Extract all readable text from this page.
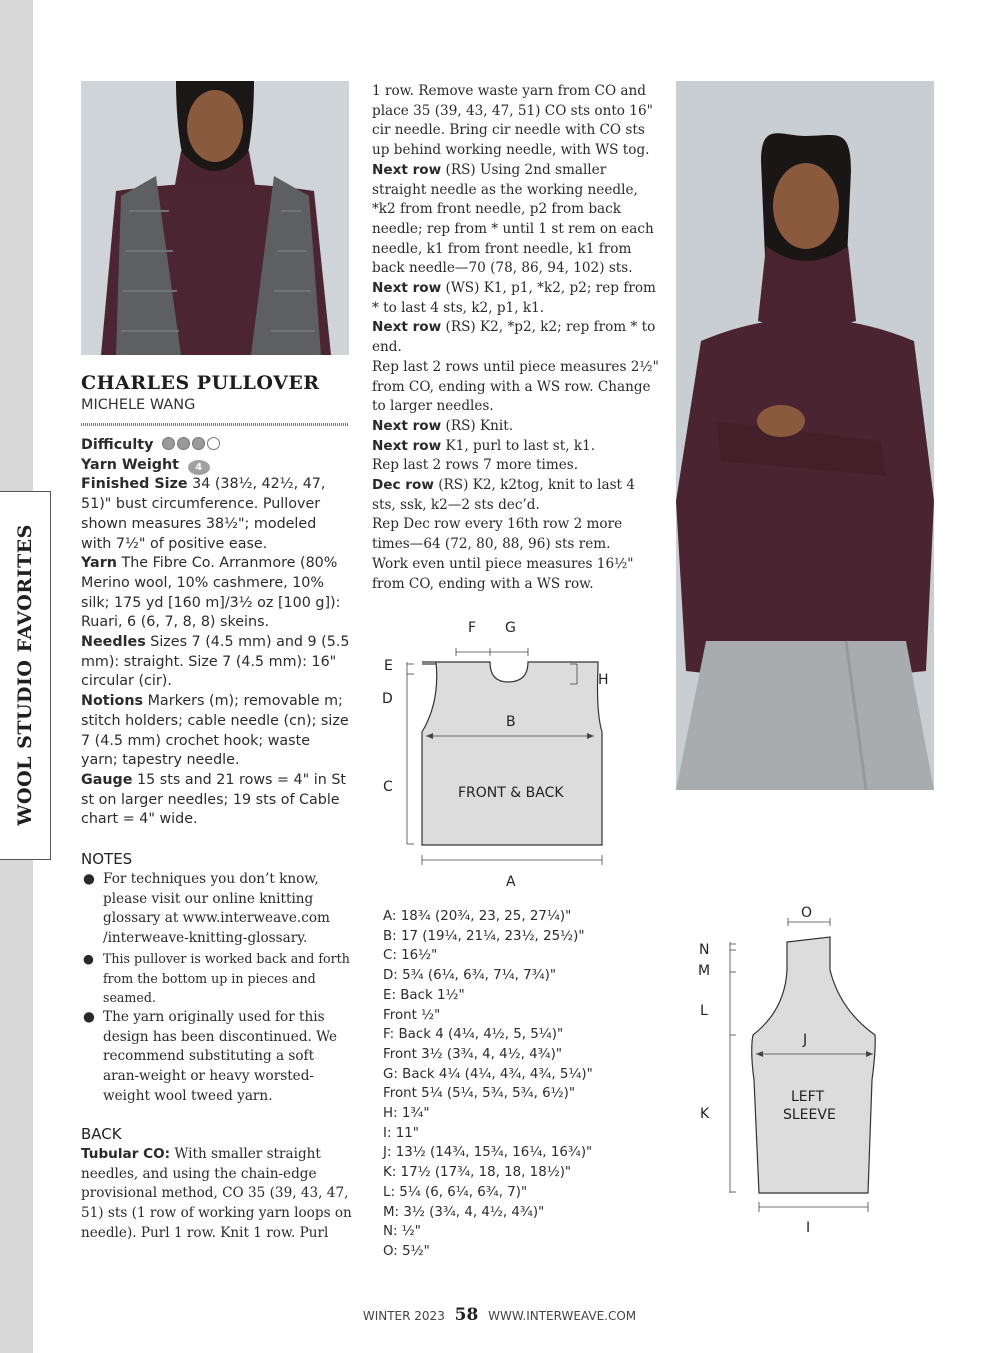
WOOL STUDIO FAVORITES
CHARLES PULLOVER
MICHELE WANG

Difficulty

Yarn Weight 4

Finished Size 34 (38½, 42½, 47, 51)" bust circumference. Pullover shown measures 38½"; modeled with 7½" of positive ease.

Yarn The Fibre Co. Arranmore (80% Merino wool, 10% cashmere, 10% silk; 175 yd [160 m]/3½ oz [100 g]): Ruari, 6 (6, 7, 8, 8) skeins.

Needles Sizes 7 (4.5 mm) and 9 (5.5 mm): straight. Size 7 (4.5 mm): 16" circular (cir).

Notions Markers (m); removable m; stitch holders; cable needle (cn); size 7 (4.5 mm) crochet hook; waste yarn; tapestry needle.

Gauge 15 sts and 21 rows = 4" in St st on larger needles; 19 sts of Cable chart = 4" wide.

NOTES

● For techniques you don’t know, please visit our online knitting glossary at www.interweave.com /interweave-knitting-glossary.

● This pullover is worked back and forth from the bottom up in pieces and seamed.

● The yarn originally used for this design has been discontinued. We recommend substituting a soft aran-weight or heavy worsted-weight wool tweed yarn.

BACK

Tubular CO: With smaller straight needles, and using the chain-edge provisional method, CO 35 (39, 43, 47, 51) sts (1 row of working yarn loops on needle). Purl 1 row. Knit 1 row. Purl

1 row. Remove waste yarn from CO and place 35 (39, 43, 47, 51) CO sts onto 16" cir needle. Bring cir needle with CO sts up behind working needle, with WS tog.

Next row (RS) Using 2nd smaller straight needle as the working needle, *k2 from front needle, p2 from back needle; rep from * until 1 st rem on each needle, k1 from front needle, k1 from back needle—70 (78, 86, 94, 102) sts.

Next row (WS) K1, p1, *k2, p2; rep from * to last 4 sts, k2, p1, k1.

Next row (RS) K2, *p2, k2; rep from * to end.

Rep last 2 rows until piece measures 2½" from CO, ending with a WS row. Change to larger needles.

Next row (RS) Knit.

Next row K1, purl to last st, k1.

Rep last 2 rows 7 more times.

Dec row (RS) K2, k2tog, knit to last 4 sts, ssk, k2—2 sts dec’d.

Rep Dec row every 16th row 2 more times—64 (72, 80, 88, 96) sts rem.

Work even until piece measures 16½" from CO, ending with a WS row.

F G
E
D
C
H
B
A
FRONT & BACK
O
N
M
L
K
J
I
LEFT
SLEEVE

A: 18¾ (20¾, 23, 25, 27¼)"

B: 17 (19¼, 21¼, 23½, 25½)"

C: 16½"

D: 5¾ (6¼, 6¾, 7¼, 7¾)"

E: Back 1½"

Front ½"

F: Back 4 (4¼, 4½, 5, 5¼)"

Front 3½ (3¾, 4, 4½, 4¾)"

G: Back 4¼ (4¼, 4¾, 4¾, 5¼)"

Front 5¼ (5¼, 5¾, 5¾, 6½)"

H: 1¾"

I: 11"

J: 13½ (14¾, 15¾, 16¼, 16¾)"

K: 17½ (17¾, 18, 18, 18½)"

L: 5¼ (6, 6¼, 6¾, 7)"

M: 3½ (3¾, 4, 4½, 4¾)"

N: ½"

O: 5½"

WINTER 2023 58 WWW.INTERWEAVE.COM
